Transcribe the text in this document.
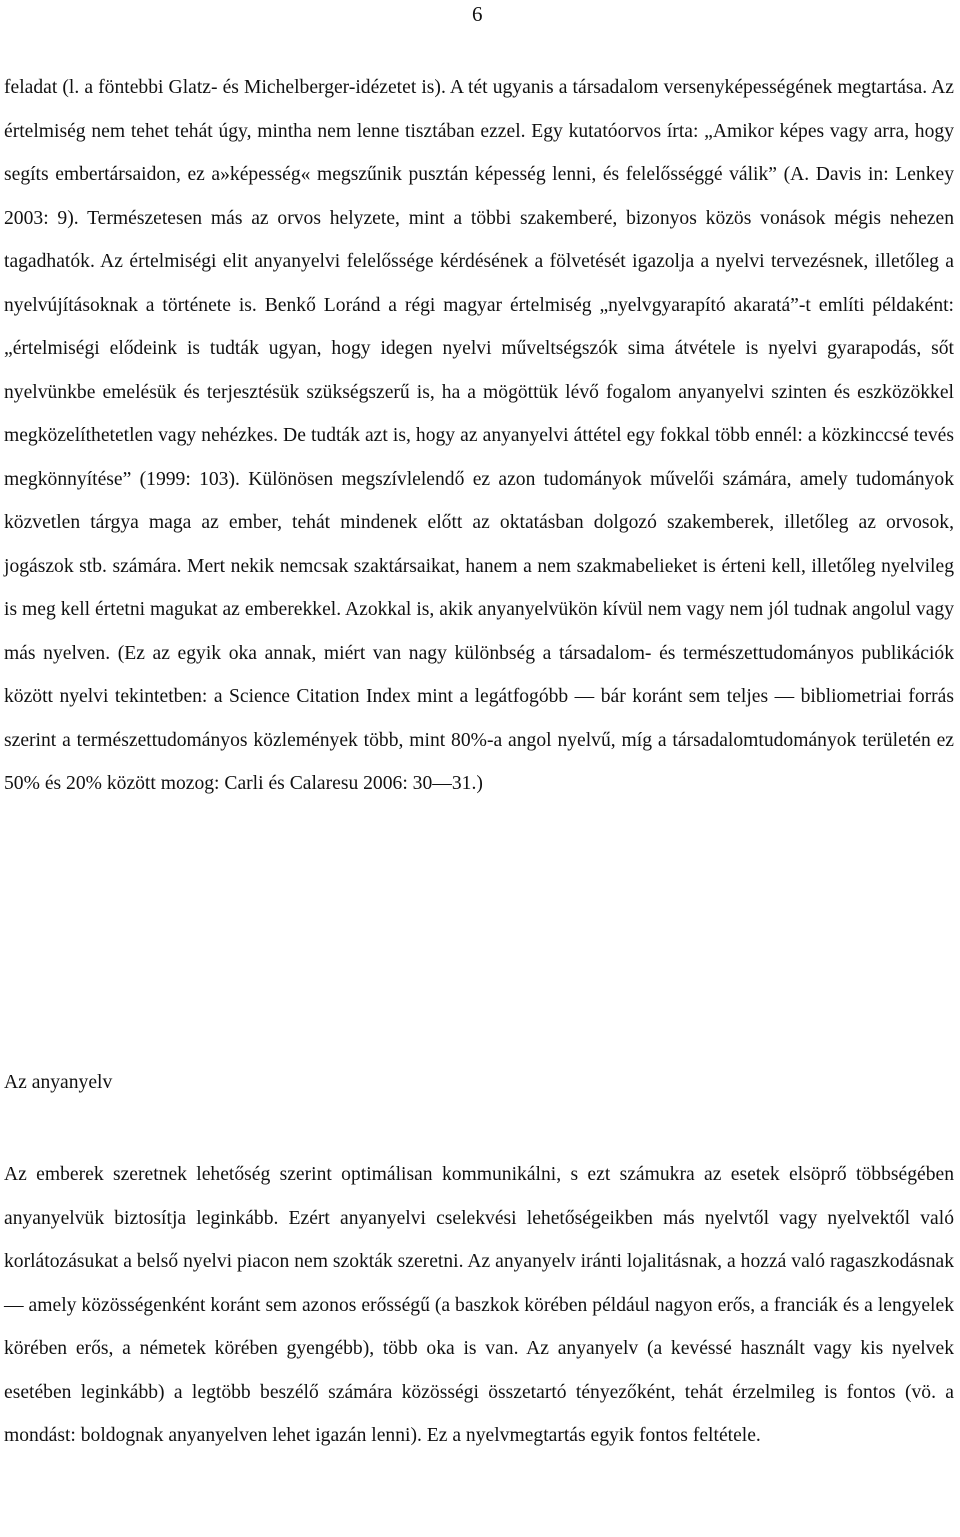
6
feladat (l. a föntebbi Glatz- és Michelberger-idézetet is). A tét ugyanis a társadalom versenyképességének megtartása. Az értelmiség nem tehet tehát úgy, mintha nem lenne tisztában ezzel. Egy kutatóorvos írta: „Amikor képes vagy arra, hogy segíts embertársaidon, ez a»képesség« megszűnik pusztán képesség lenni, és felelősséggé válik” (A. Davis in: Lenkey 2003: 9). Természetesen más az orvos helyzete, mint a többi szakemberé, bizonyos közös vonások mégis nehezen tagadhatók. Az értelmiségi elit anyanyelvi felelőssége kérdésének a fölvetését igazolja a nyelvi tervezésnek, illetőleg a nyelvújításoknak a története is. Benkő Loránd a régi magyar értelmiség „nyelvgyarapító akaratá”-t említi példaként: „értelmiségi elődeink is tudták ugyan, hogy idegen nyelvi műveltségszók sima átvétele is nyelvi gyarapodás, sőt nyelvünkbe emelésük és terjesztésük szükségszerű is, ha a mögöttük lévő fogalom anyanyelvi szinten és eszközökkel megközelíthetetlen vagy nehézkes. De tudták azt is, hogy az anyanyelvi áttétel egy fokkal több ennél: a közkinccsé tevés megkönnyítése” (1999: 103). Különösen megszívlelendő ez azon tudományok művelői számára, amely tudományok közvetlen tárgya maga az ember, tehát mindenek előtt az oktatásban dolgozó szakemberek, illetőleg az orvosok, jogászok stb. számára. Mert nekik nemcsak szaktársaikat, hanem a nem szakmabelieket is érteni kell, illetőleg nyelvileg is meg kell értetni magukat az emberekkel. Azokkal is, akik anyanyelvükön kívül nem vagy nem jól tudnak angolul vagy más nyelven. (Ez az egyik oka annak, miért van nagy különbség a társadalom- és természettudományos publikációk között nyelvi tekintetben: a Science Citation Index mint a legátfogóbb ― bár koránt sem teljes ― bibliometriai forrás szerint a természettudományos közlemények több, mint 80%-a angol nyelvű, míg a társadalomtudományok területén ez 50% és 20% között mozog: Carli és Calaresu 2006: 30―31.)
Az anyanyelv
Az emberek szeretnek lehetőség szerint optimálisan kommunikálni, s ezt számukra az esetek elsöprő többségében anyanyelvük biztosítja leginkább. Ezért anyanyelvi cselekvési lehetőségeikben más nyelvtől vagy nyelvektől való korlátozásukat a belső nyelvi piacon nem szokták szeretni. Az anyanyelv iránti lojalitásnak, a hozzá való ragaszkodásnak ― amely közösségenként koránt sem azonos erősségű (a baszkok körében például nagyon erős, a franciák és a lengyelek körében erős, a németek körében gyengébb), több oka is van. Az anyanyelv (a kevéssé használt vagy kis nyelvek esetében leginkább) a legtöbb beszélő számára közösségi összetartó tényezőként, tehát érzelmileg is fontos (vö. a mondást: boldognak anyanyelven lehet igazán lenni). Ez a nyelvmegtartás egyik fontos feltétele.
